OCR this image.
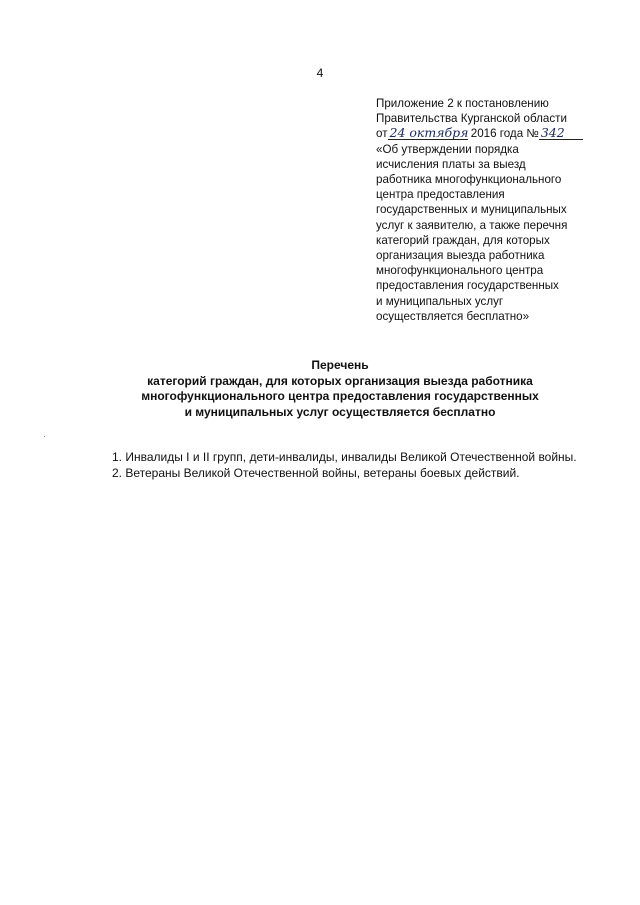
4
Приложение 2 к постановлению
Правительства Курганской области
от 24 октября 2016 года № 342
«Об утверждении порядка
исчисления платы за выезд
работника многофункционального
центра предоставления
государственных и муниципальных
услуг к заявителю, а также перечня
категорий граждан, для которых
организация выезда работника
многофункционального центра
предоставления государственных
и муниципальных услуг
осуществляется бесплатно»
Перечень
категорий граждан, для которых организация выезда работника
многофункционального центра предоставления государственных
и муниципальных услуг осуществляется бесплатно
1. Инвалиды I и II групп, дети-инвалиды, инвалиды Великой Отечественной войны.
2. Ветераны Великой Отечественной войны, ветераны боевых действий.
